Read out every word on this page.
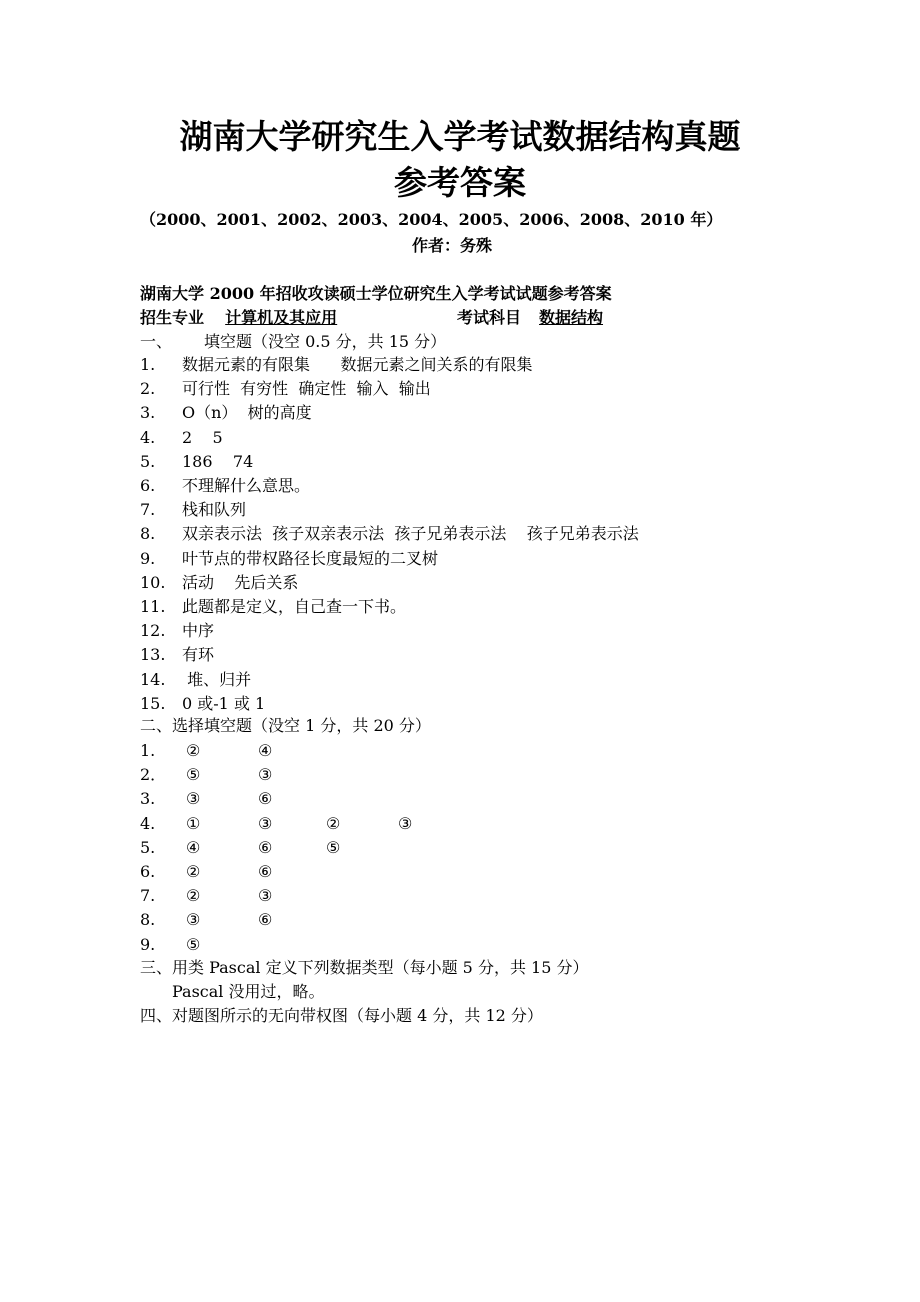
湖南大学研究生入学考试数据结构真题
参考答案
（2000、2001、2002、2003、2004、2005、2006、2008、2010 年）
作者：务殊
湖南大学 2000 年招收攻读硕士学位研究生入学考试试题参考答案
招生专业 计算机及其应用	考试科目 数据结构
一、 填空题（没空 0.5 分，共 15 分）
1. 数据元素的有限集      数据元素之间关系的有限集
2. 可行性  有穷性  确定性  输入  输出
3. O（n）  树的高度
4. 2    5
5. 186    74
6. 不理解什么意思。
7. 栈和队列
8. 双亲表示法  孩子双亲表示法  孩子兄弟表示法    孩子兄弟表示法
9. 叶节点的带权路径长度最短的二叉树
10. 活动    先后关系
11. 此题都是定义，自己查一下书。
12. 中序
13. 有环
14. 堆、归并
15. 0 或-1 或 1
二、选择填空题（没空 1 分，共 20 分）
1. ②	④
2． ⑤	③
3. ③	⑥
4. ①	③	②	③
5. ④	⑥	⑤
6. ②	⑥
7. ②	③
8. ③	⑥
9. ⑤
三、用类 Pascal 定义下列数据类型（每小题 5 分，共 15 分）
Pascal 没用过，略。
四、对题图所示的无向带权图（每小题 4 分，共 12 分）
